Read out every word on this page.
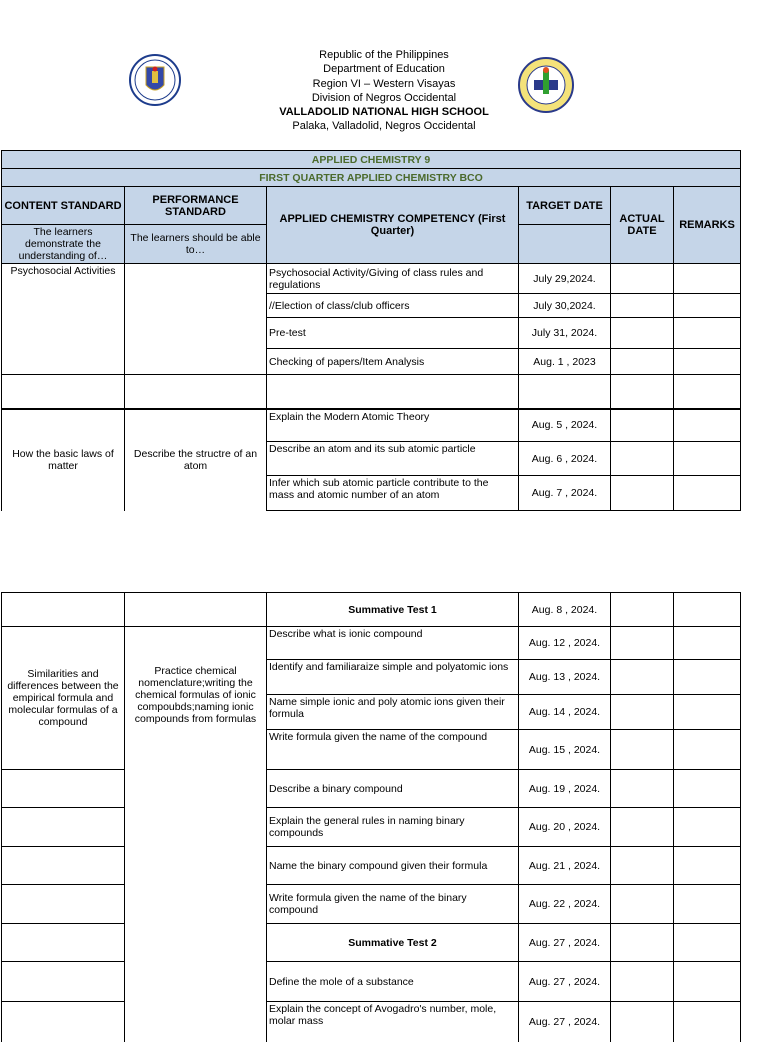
Republic of the Philippines
Department of Education
Region VI – Western Visayas
Division of Negros Occidental
VALLADOLID NATIONAL HIGH SCHOOL
Palaka, Valladolid, Negros Occidental
APPLIED CHEMISTRY 9					
FIRST QUARTER APPLIED CHEMISTRY BCO					
CONTENT STANDARD	PERFORMANCE STANDARD	APPLIED CHEMISTRY COMPETENCY (First Quarter)	TARGET DATE	ACTUAL DATE	REMARKS
The learners demonstrate the understanding of…	The learners should be able to…				
Psychosocial Activities		Psychosocial Activity/Giving of class rules and regulations	July 29,2024.		
		//Election of class/club officers	July 30,2024.		
		Pre-test	July 31, 2024.		
		Checking of papers/Item Analysis	Aug. 1 , 2023		

How the basic laws of matter	Describe the structre of an atom	Explain the Modern Atomic Theory	Aug. 5 , 2024.		
		Describe an atom and its sub atomic particle	Aug. 6 , 2024.		
		Infer which sub atomic particle contribute to the mass and atomic number of an atom	Aug. 7 , 2024.		
		Summative Test 1	Aug. 8 , 2024.		
Similarities and differences between the empirical formula and molecular formulas of a compound	Practice chemical nomenclature;writing the chemical formulas of ionic compoubds;naming ionic compounds from formulas	Describe what is ionic compound	Aug. 12 , 2024.		
		Identify and familiaraize simple and polyatomic ions	Aug. 13 , 2024.		
		Name simple ionic and poly atomic ions given their formula	Aug. 14 , 2024.		
		Write formula given the name of the compound	Aug. 15 , 2024.		
		Describe a binary compound	Aug. 19 , 2024.		
		Explain the general rules in naming binary compounds	Aug. 20 , 2024.		
		Name the binary compound given their formula	Aug. 21 , 2024.		
		Write formula given the name of the binary compound	Aug. 22 , 2024.		
		Summative Test 2	Aug. 27 , 2024.		
		Define the mole of a substance	Aug. 27 , 2024.		
		Explain the concept of Avogadro's number, mole, molar mass	Aug. 27 , 2024.		
